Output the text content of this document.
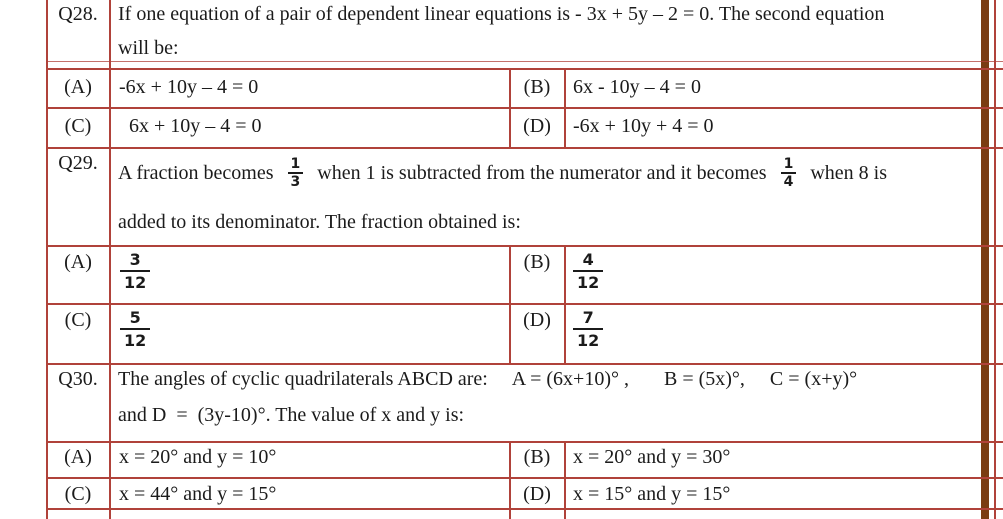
Q28.	If one equation of a pair of dependent linear equations is - 3x + 5y – 2 = 0. The second equation
will be:
(A)	-6x + 10y – 4 = 0	(B)	6x - 10y – 4 = 0
(C)	6x + 10y – 4 = 0	(D)	-6x + 10y + 4 = 0
Q29.	A fraction becomes $\frac{1}{3}$ when 1 is subtracted from the numerator and it becomes $\frac{1}{4}$ when 8 is
added to its denominator. The fraction obtained is:
(A)	$\frac{3}{12}$	(B)	$\frac{4}{12}$
(C)	$\frac{5}{12}$	(D)	$\frac{7}{12}$
Q30.	The angles of cyclic quadrilaterals ABCD are:     A = (6x+10)° ,       B = (5x)°,     C = (x+y)°
and D  =  (3y-10)°. The value of x and y is:
(A)	x = 20° and y = 10°	(B)	x = 20° and y = 30°
(C)	x = 44° and y = 15°	(D)	x = 15° and y = 15°
